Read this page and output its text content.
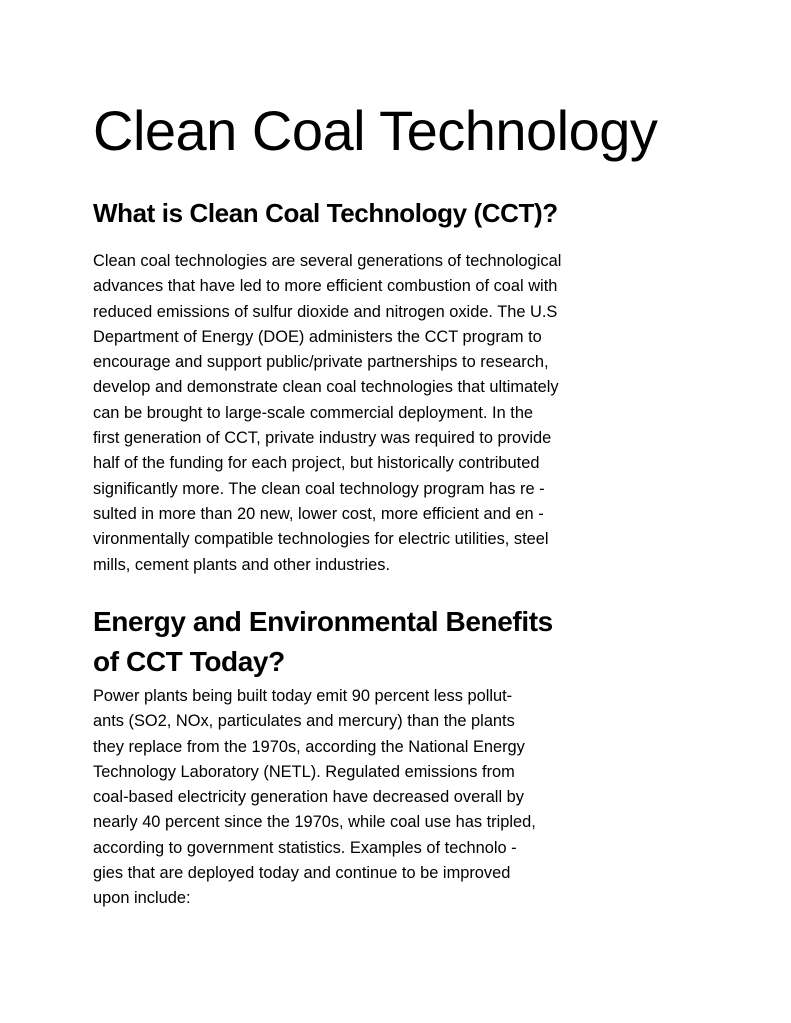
Clean Coal Technology
What is Clean Coal Technology (CCT)?

Clean coal technologies are several generations of technological
advances that have led to more efficient combustion of coal with
reduced emissions of sulfur dioxide and nitrogen oxide. The U.S
Department of Energy (DOE) administers the CCT program to
encourage and support public/private partnerships to research,
develop and demonstrate clean coal technologies that ultimately
can be brought to large-scale commercial deployment. In the
first generation of CCT, private industry was required to provide
half of the funding for each project, but historically contributed
significantly more. The clean coal technology program has re -
sulted in more than 20 new, lower cost, more efficient and en -
vironmentally compatible technologies for electric utilities, steel
mills, cement plants and other industries.

Energy and Environmental Benefits
of CCT Today?

Power plants being built today emit 90 percent less pollut-
ants (SO2, NOx, particulates and mercury) than the plants
they replace from the 1970s, according the National Energy
Technology Laboratory (NETL). Regulated emissions from
coal-based electricity generation have decreased overall by
nearly 40 percent since the 1970s, while coal use has tripled,
according to government statistics. Examples of technolo -
gies that are deployed today and continue to be improved
upon include:
